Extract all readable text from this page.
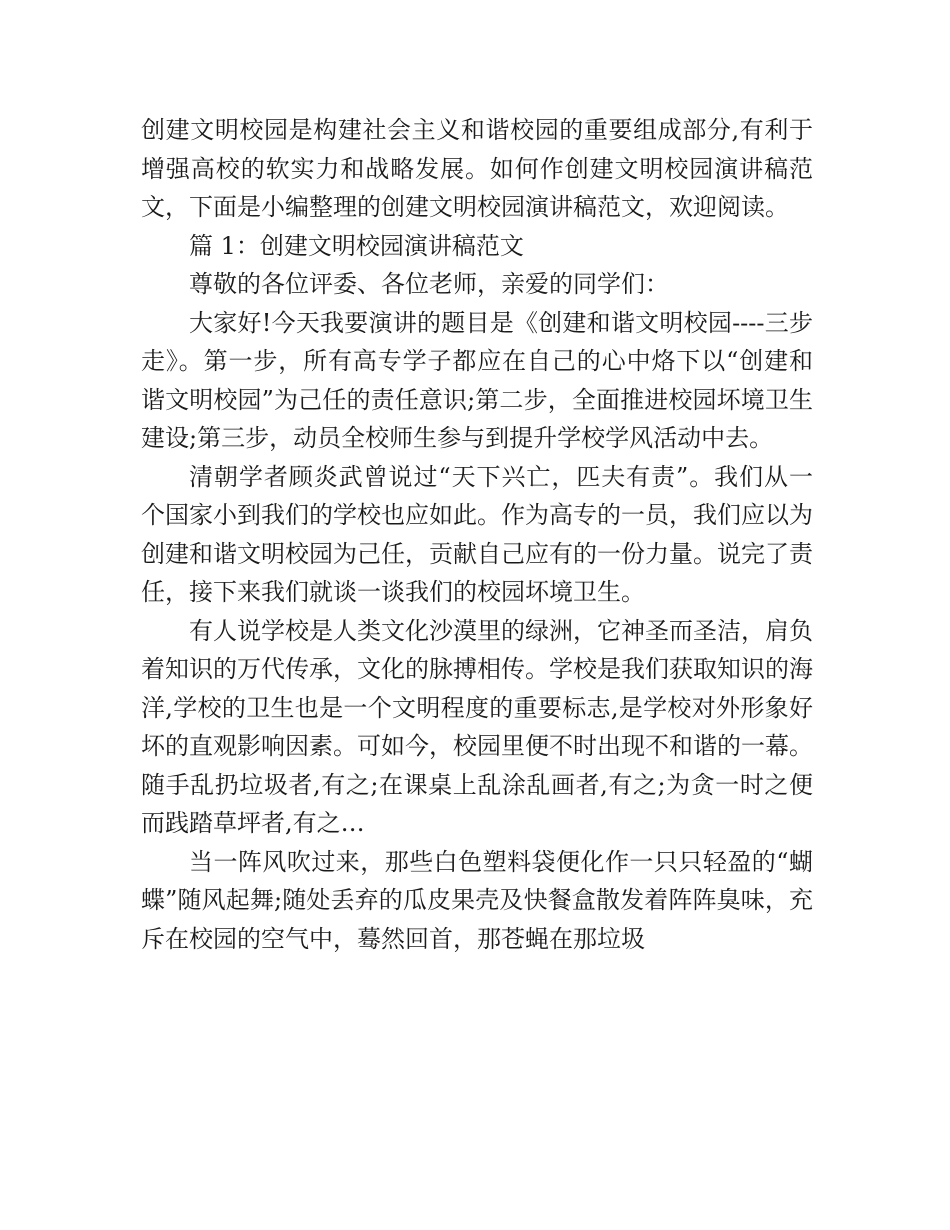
创建文明校园是构建社会主义和谐校园的重要组成部分,有利于增强高校的软实力和战略发展。如何作创建文明校园演讲稿范文，下面是小编整理的创建文明校园演讲稿范文，欢迎阅读。

篇 1：创建文明校园演讲稿范文

尊敬的各位评委、各位老师，亲爱的同学们：

大家好!今天我要演讲的题目是《创建和谐文明校园----三步走》。第一步，所有高专学子都应在自己的心中烙下以“创建和谐文明校园”为己任的责任意识;第二步，全面推进校园坏境卫生建设;第三步，动员全校师生参与到提升学校学风活动中去。

清朝学者顾炎武曾说过“天下兴亡，匹夫有责”。我们从一个国家小到我们的学校也应如此。作为高专的一员，我们应以为创建和谐文明校园为己任，贡献自己应有的一份力量。说完了责任，接下来我们就谈一谈我们的校园坏境卫生。

有人说学校是人类文化沙漠里的绿洲，它神圣而圣洁，肩负着知识的万代传承，文化的脉搏相传。学校是我们获取知识的海洋,学校的卫生也是一个文明程度的重要标志,是学校对外形象好坏的直观影响因素。可如今，校园里便不时出现不和谐的一幕。随手乱扔垃圾者,有之;在课桌上乱涂乱画者,有之;为贪一时之便而践踏草坪者,有之…

当一阵风吹过来，那些白色塑料袋便化作一只只轻盈的“蝴蝶”随风起舞;随处丢弃的瓜皮果壳及快餐盒散发着阵阵臭味，充斥在校园的空气中，蓦然回首，那苍蝇在那垃圾
